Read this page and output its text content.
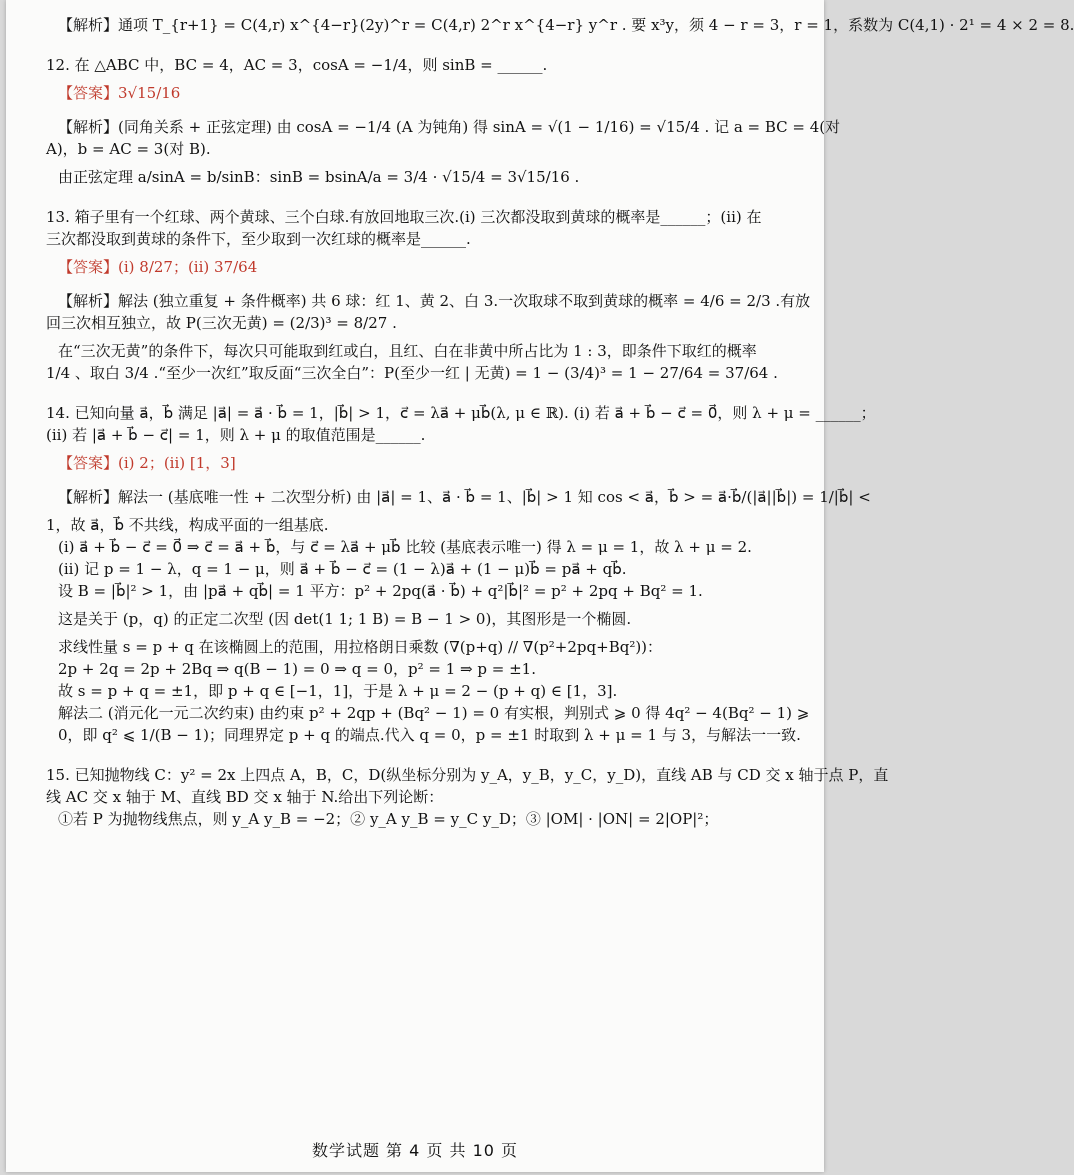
【解析】通项 T_{r+1} = C(4,r) x^{4−r}(2y)^r = C(4,r) 2^r x^{4−r} y^r . 要 x³y，须 4 − r = 3，r = 1，系数为 C(4,1) · 2¹ = 4 × 2 = 8.
12. 在 △ABC 中，BC = 4，AC = 3，cosA = −1/4，则 sinB = ______.
【答案】3√15/16
【解析】(同角关系 + 正弦定理) 由 cosA = −1/4 (A 为钝角) 得 sinA = √(1 − 1/16) = √15/4 . 记 a = BC = 4(对
A)，b = AC = 3(对 B).
由正弦定理 a/sinA = b/sinB：sinB = bsinA/a = 3/4 · √15/4 = 3√15/16 .
13. 箱子里有一个红球、两个黄球、三个白球.有放回地取三次.(i) 三次都没取到黄球的概率是______；(ii) 在
三次都没取到黄球的条件下，至少取到一次红球的概率是______.
【答案】(i) 8/27；(ii) 37/64
【解析】解法 (独立重复 + 条件概率) 共 6 球：红 1、黄 2、白 3.一次取球不取到黄球的概率 = 4/6 = 2/3 .有放
回三次相互独立，故 P(三次无黄) = (2/3)³ = 8/27 .
在“三次无黄”的条件下，每次只可能取到红或白，且红、白在非黄中所占比为 1 : 3，即条件下取红的概率
1/4 、取白 3/4 .“至少一次红”取反面“三次全白”：P(至少一红 | 无黄) = 1 − (3/4)³ = 1 − 27/64 = 37/64 .
14. 已知向量 a⃗，b⃗ 满足 |a⃗| = a⃗ · b⃗ = 1，|b⃗| > 1，c⃗ = λa⃗ + μb⃗(λ, μ ∈ ℝ). (i) 若 a⃗ + b⃗ − c⃗ = 0⃗，则 λ + μ = ______；
(ii) 若 |a⃗ + b⃗ − c⃗| = 1，则 λ + μ 的取值范围是______.
【答案】(i) 2；(ii) [1，3]
【解析】解法一 (基底唯一性 + 二次型分析) 由 |a⃗| = 1、a⃗ · b⃗ = 1、|b⃗| > 1 知 cos < a⃗，b⃗ > = a⃗·b⃗/(|a⃗||b⃗|) = 1/|b⃗| <
1，故 a⃗，b⃗ 不共线，构成平面的一组基底.
(i) a⃗ + b⃗ − c⃗ = 0⃗ ⇒ c⃗ = a⃗ + b⃗，与 c⃗ = λa⃗ + μb⃗ 比较 (基底表示唯一) 得 λ = μ = 1，故 λ + μ = 2.
(ii) 记 p = 1 − λ，q = 1 − μ，则 a⃗ + b⃗ − c⃗ = (1 − λ)a⃗ + (1 − μ)b⃗ = pa⃗ + qb⃗.
设 B = |b⃗|² > 1，由 |pa⃗ + qb⃗| = 1 平方：p² + 2pq(a⃗ · b⃗) + q²|b⃗|² = p² + 2pq + Bq² = 1.
这是关于 (p，q) 的正定二次型 (因 det(1 1; 1 B) = B − 1 > 0)，其图形是一个椭圆.
求线性量 s = p + q 在该椭圆上的范围，用拉格朗日乘数 (∇(p+q) // ∇(p²+2pq+Bq²))：
2p + 2q = 2p + 2Bq ⇒ q(B − 1) = 0 ⇒ q = 0，p² = 1 ⇒ p = ±1.
故 s = p + q = ±1，即 p + q ∈ [−1，1]，于是 λ + μ = 2 − (p + q) ∈ [1，3].
解法二 (消元化一元二次约束) 由约束 p² + 2qp + (Bq² − 1) = 0 有实根，判别式 ⩾ 0 得 4q² − 4(Bq² − 1) ⩾
0，即 q² ⩽ 1/(B − 1)；同理界定 p + q 的端点.代入 q = 0，p = ±1 时取到 λ + μ = 1 与 3，与解法一一致.
15. 已知抛物线 C：y² = 2x 上四点 A，B，C，D(纵坐标分别为 y_A，y_B，y_C，y_D)，直线 AB 与 CD 交 x 轴于点 P，直
线 AC 交 x 轴于 M、直线 BD 交 x 轴于 N.给出下列论断：
①若 P 为抛物线焦点，则 y_A y_B = −2；② y_A y_B = y_C y_D；③ |OM| · |ON| = 2|OP|²；
数学试题 第 4 页 共 10 页
